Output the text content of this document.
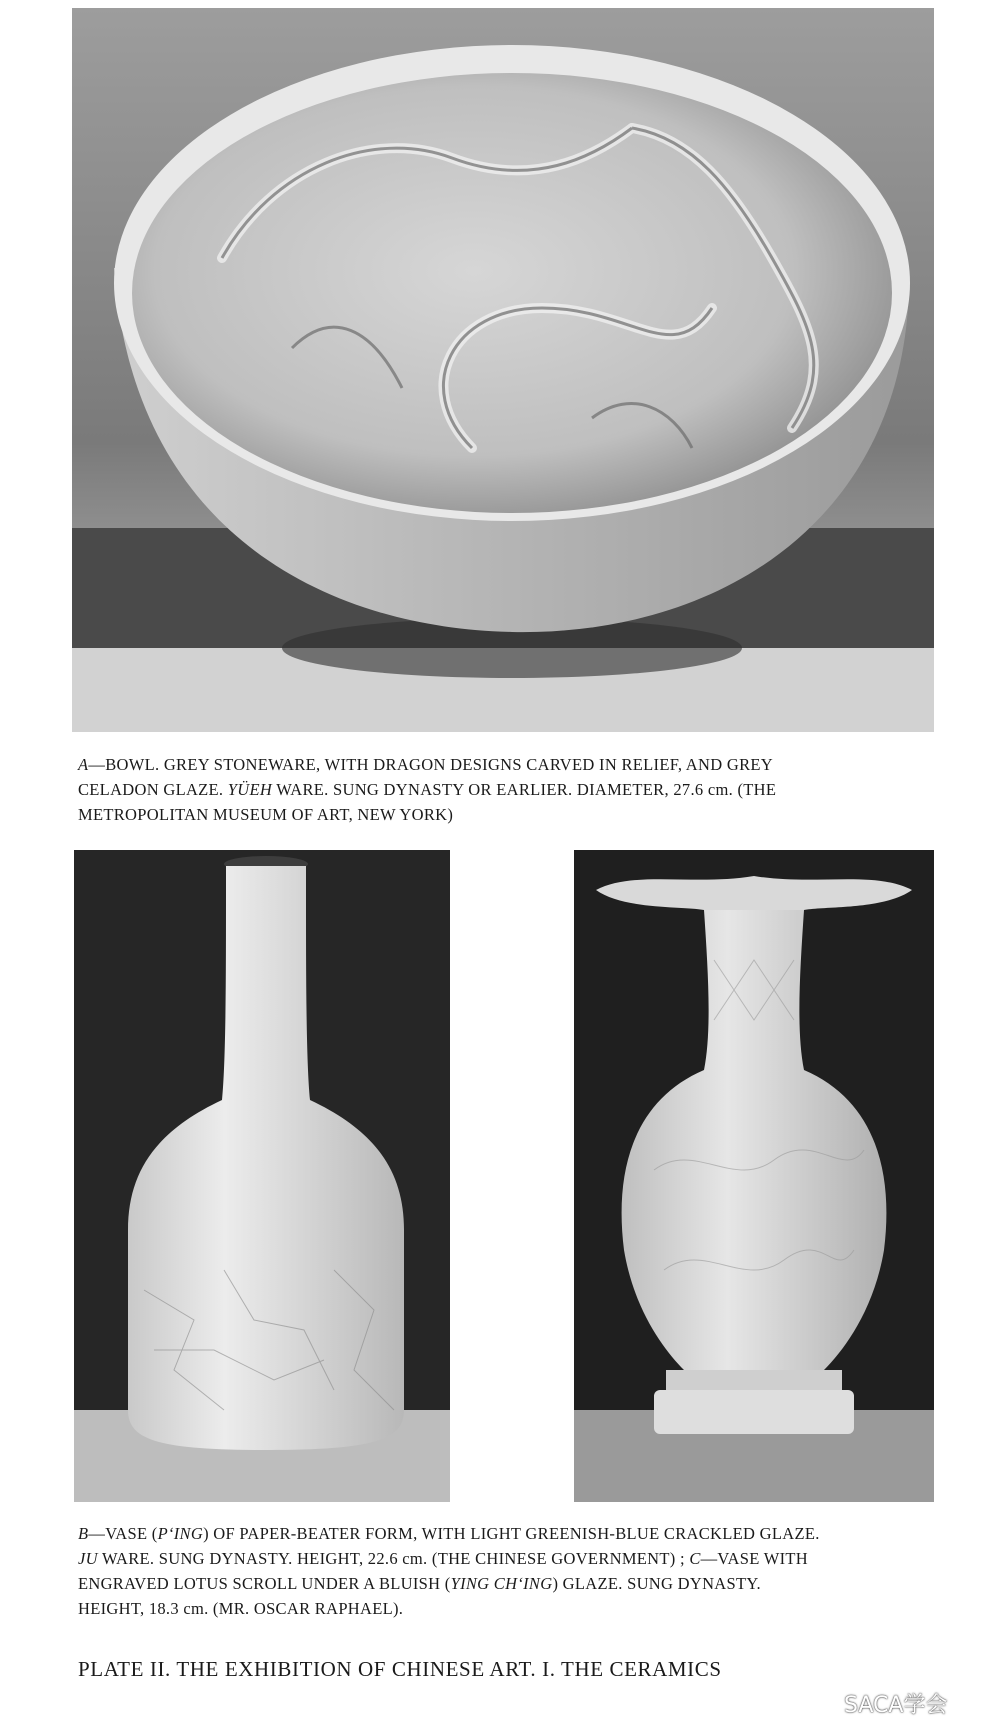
A—BOWL. GREY STONEWARE, WITH DRAGON DESIGNS CARVED IN RELIEF, AND GREY
CELADON GLAZE. YÜEH WARE. SUNG DYNASTY OR EARLIER. DIAMETER, 27.6 cm. (THE
METROPOLITAN MUSEUM OF ART, NEW YORK)
B—VASE (P‘ING) OF PAPER-BEATER FORM, WITH LIGHT GREENISH-BLUE CRACKLED GLAZE.
JU WARE. SUNG DYNASTY. HEIGHT, 22.6 cm. (THE CHINESE GOVERNMENT) ; C—VASE WITH
ENGRAVED LOTUS SCROLL UNDER A BLUISH (YING CH‘ING) GLAZE. SUNG DYNASTY.
HEIGHT, 18.3 cm. (MR. OSCAR RAPHAEL).
PLATE II. THE EXHIBITION OF CHINESE ART. I. THE CERAMICS
SACA学会
